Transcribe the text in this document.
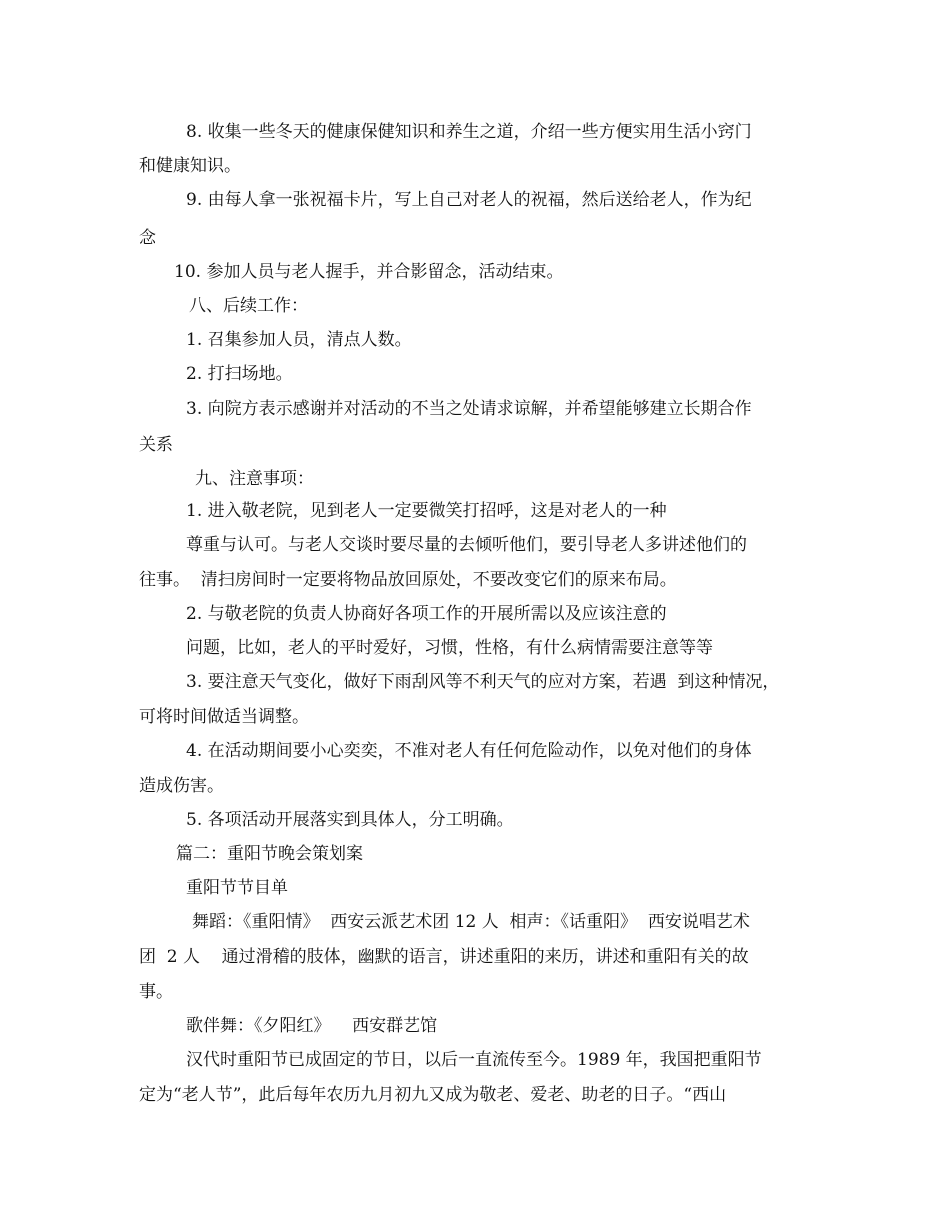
8. 收集一些冬天的健康保健知识和养生之道，介绍一些方便实用生活小窍门
和健康知识。
9. 由每人拿一张祝福卡片，写上自己对老人的祝福，然后送给老人，作为纪
念
10. 参加人员与老人握手，并合影留念，活动结束。
八、后续工作：
1. 召集参加人员，清点人数。
2. 打扫场地。
3. 向院方表示感谢并对活动的不当之处请求谅解，并希望能够建立长期合作
关系
九、注意事项：
1. 进入敬老院，见到老人一定要微笑打招呼，这是对老人的一种
尊重与认可。与老人交谈时要尽量的去倾听他们，要引导老人多讲述他们的
往事。  清扫房间时一定要将物品放回原处，不要改变它们的原来布局。
2. 与敬老院的负责人协商好各项工作的开展所需以及应该注意的
问题，比如，老人的平时爱好，习惯，性格，有什么病情需要注意等等
3. 要注意天气变化，做好下雨刮风等不利天气的应对方案，若遇  到这种情况，
可将时间做适当调整。
4. 在活动期间要小心奕奕，不准对老人有任何危险动作，以免对他们的身体
造成伤害。
5. 各项活动开展落实到具体人，分工明确。
篇二：重阳节晚会策划案
重阳节节目单
舞蹈：《重阳情》  西安云派艺术团 12 人  相声：《话重阳》  西安说唱艺术
团  2 人    通过滑稽的肢体，幽默的语言，讲述重阳的来历，讲述和重阳有关的故
事。
歌伴舞：《夕阳红》    西安群艺馆
汉代时重阳节已成固定的节日，以后一直流传至今。1989 年，我国把重阳节
定为“老人节”，此后每年农历九月初九又成为敬老、爱老、助老的日子。“西山
